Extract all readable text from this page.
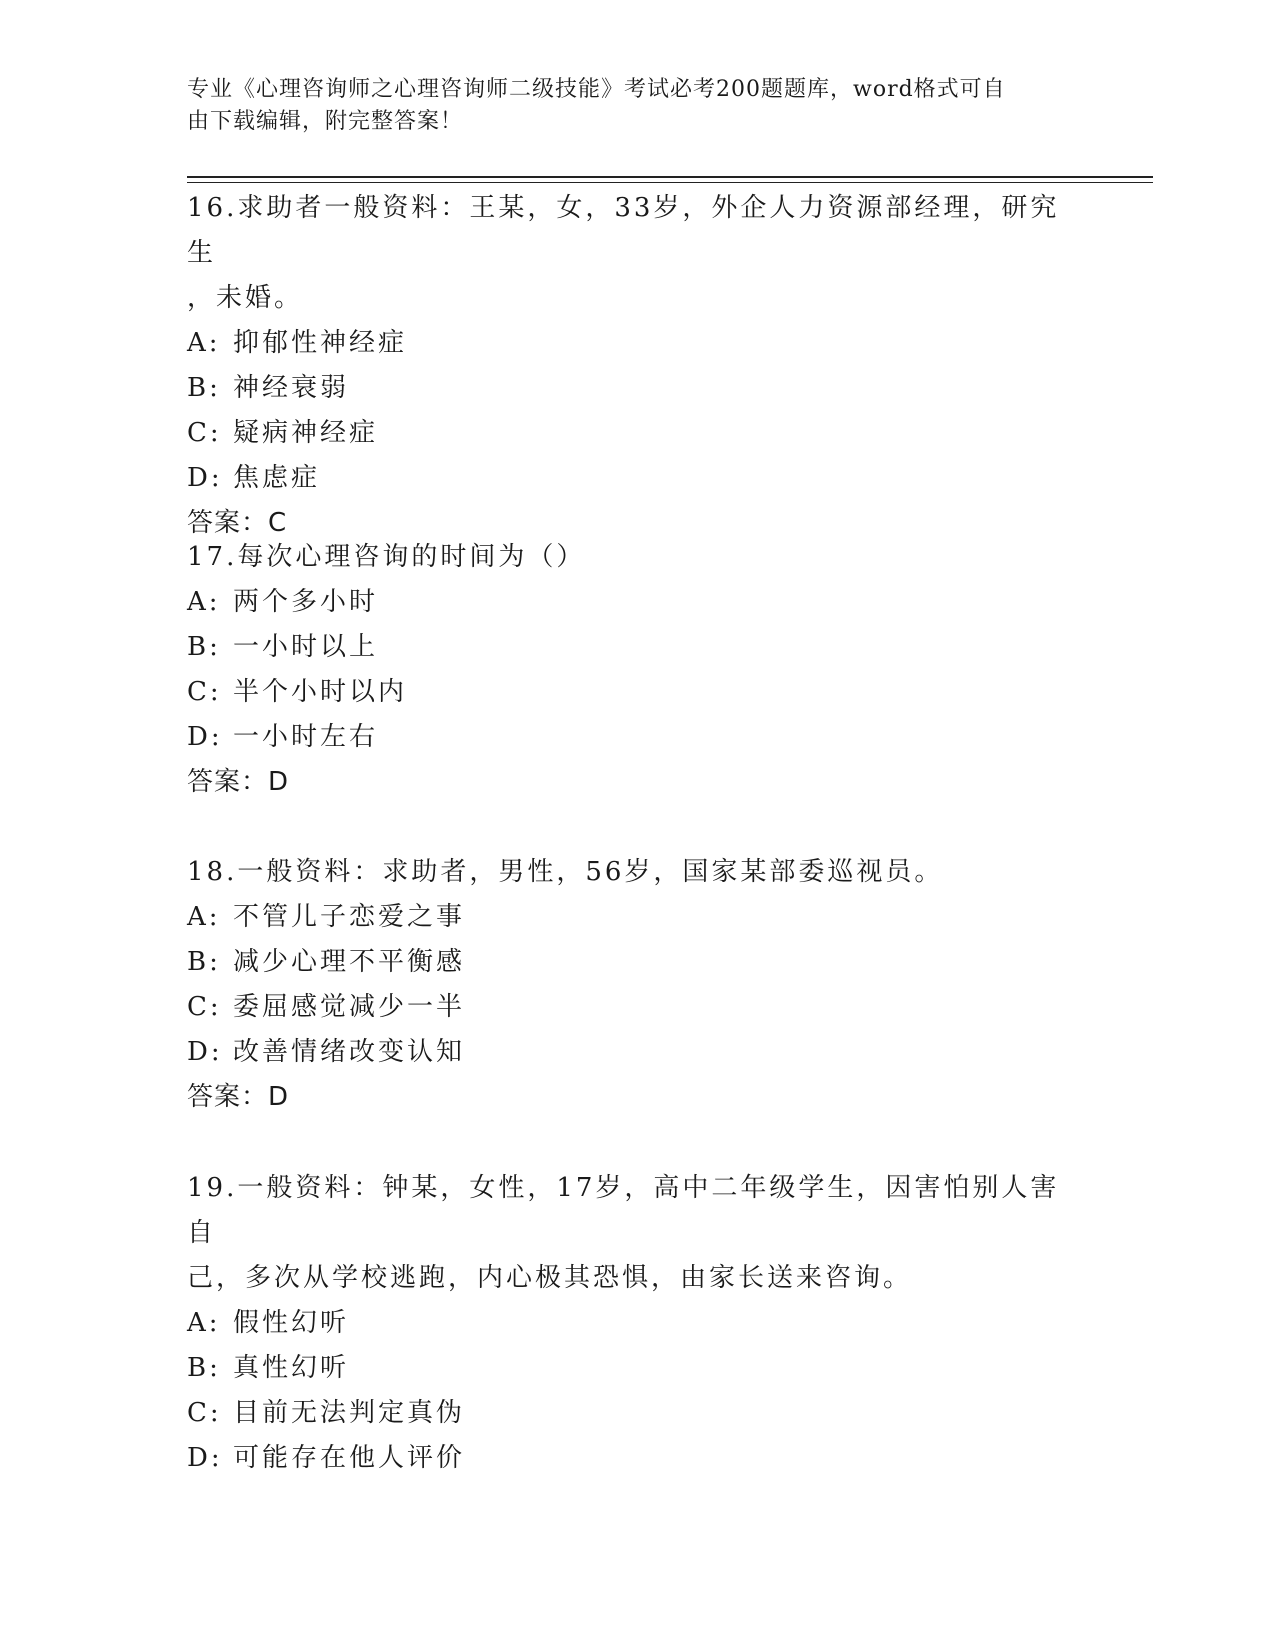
专业《心理咨询师之心理咨询师二级技能》考试必考200题题库，word格式可自
由下载编辑，附完整答案！

16.求助者一般资料：王某，女，33岁，外企人力资源部经理，研究生

，未婚。

A: 抑郁性神经症

B: 神经衰弱

C: 疑病神经症

D: 焦虑症

答案：C

17.每次心理咨询的时间为（）

A: 两个多小时

B: 一小时以上

C: 半个小时以内

D: 一小时左右

答案：D

18.一般资料：求助者，男性，56岁，国家某部委巡视员。

A: 不管儿子恋爱之事

B: 减少心理不平衡感

C: 委屈感觉减少一半

D: 改善情绪改变认知

答案：D

19.一般资料：钟某，女性，17岁，高中二年级学生，因害怕别人害自

己，多次从学校逃跑，内心极其恐惧，由家长送来咨询。

A: 假性幻听

B: 真性幻听

C: 目前无法判定真伪

D: 可能存在他人评价
